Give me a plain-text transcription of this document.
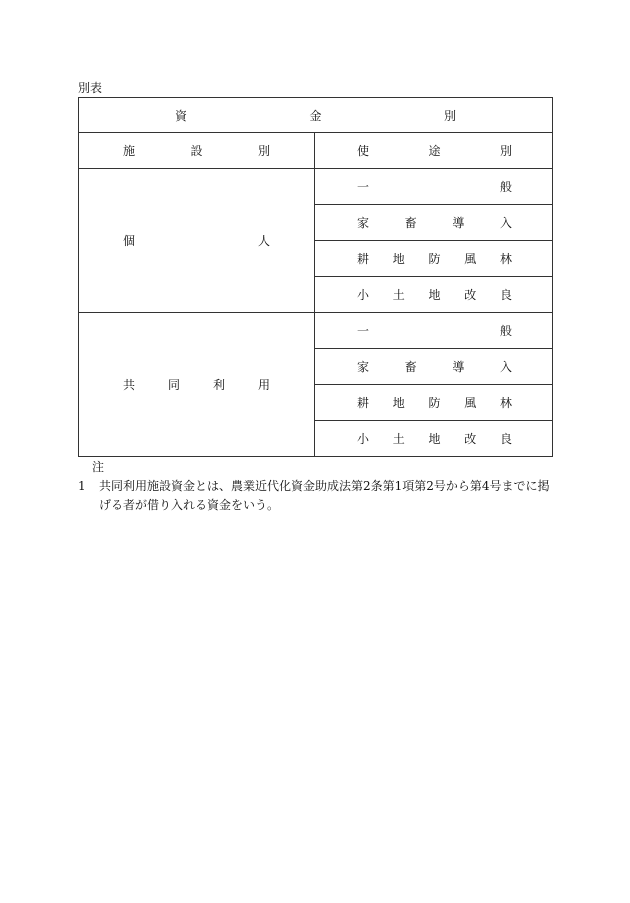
別表
資 金 別	

施 設 別	使 途 別

個 人	一 般

	家 畜 導 入

	耕 地 防 風 林

	小 土 地 改 良

共 同 利 用	一 般

	家 畜 導 入

	耕 地 防 風 林

	小 土 地 改 良
注
1	共同利用施設資金とは、農業近代化資金助成法第2条第1項第2号から第4号までに掲
げる者が借り入れる資金をいう。
